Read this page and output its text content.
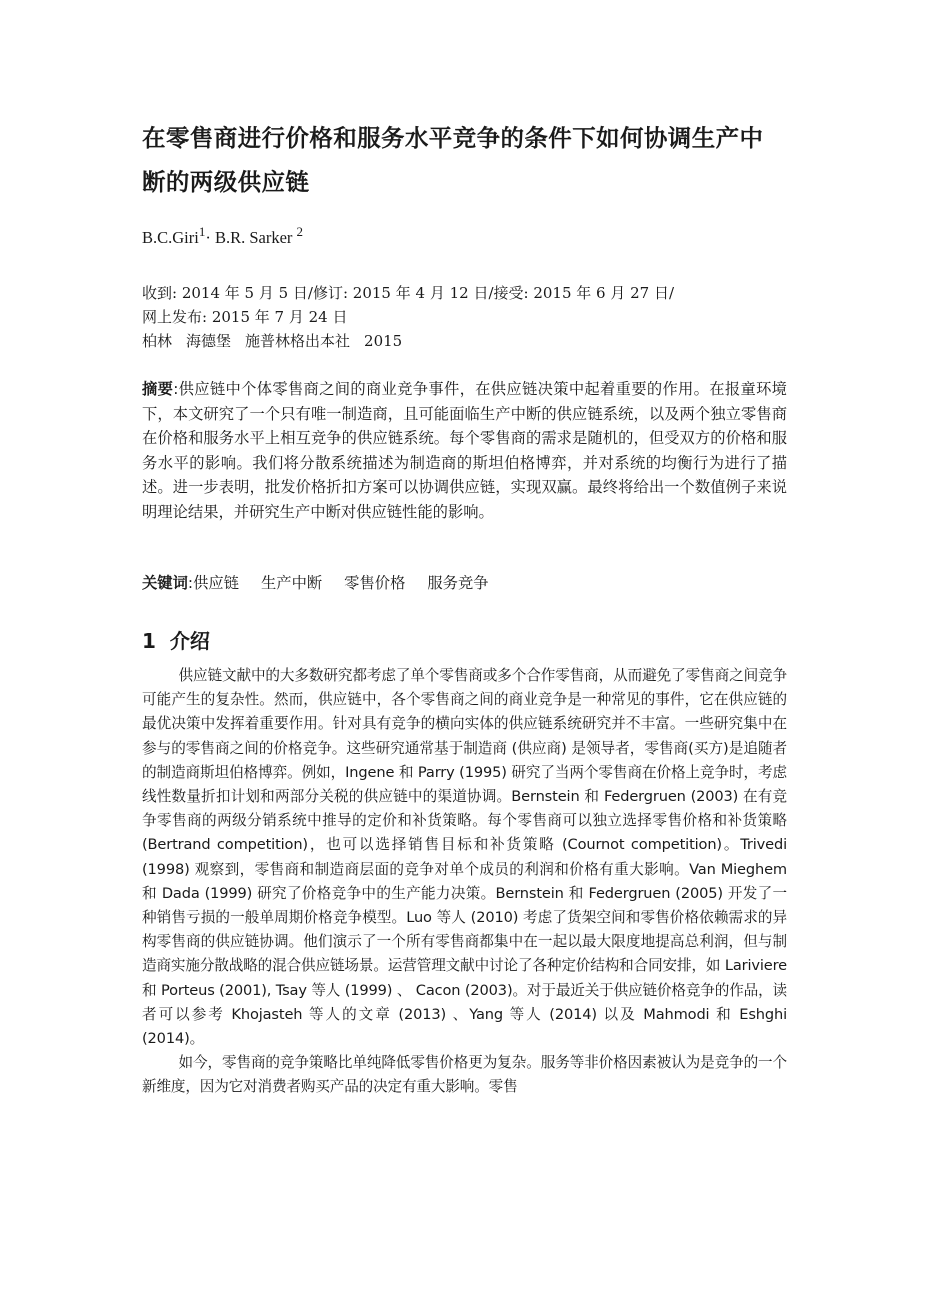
在零售商进行价格和服务水平竞争的条件下如何协调生产中断的两级供应链
B.C.Giri$^1$· B.R. Sarker $^2$
收到: 2014 年 5 月 5 日/修订: 2015 年 4 月 12 日/接受: 2015 年 6 月 27 日/
网上发布: 2015 年 7 月 24 日
柏林 海德堡 施普林格出本社 2015
摘要:供应链中个体零售商之间的商业竞争事件，在供应链决策中起着重要的作用。在报童环境下，本文研究了一个只有唯一制造商，且可能面临生产中断的供应链系统，以及两个独立零售商在价格和服务水平上相互竞争的供应链系统。每个零售商的需求是随机的，但受双方的价格和服务水平的影响。我们将分散系统描述为制造商的斯坦伯格博弈，并对系统的均衡行为进行了描述。进一步表明，批发价格折扣方案可以协调供应链，实现双赢。最终将给出一个数值例子来说明理论结果，并研究生产中断对供应链性能的影响。
关键词:供应链 生产中断 零售价格 服务竞争
1 介绍

供应链文献中的大多数研究都考虑了单个零售商或多个合作零售商，从而避免了零售商之间竞争可能产生的复杂性。然而，供应链中，各个零售商之间的商业竞争是一种常见的事件，它在供应链的最优决策中发挥着重要作用。针对具有竞争的横向实体的供应链系统研究并不丰富。一些研究集中在参与的零售商之间的价格竞争。这些研究通常基于制造商 (供应商) 是领导者，零售商(买方)是追随者的制造商斯坦伯格博弈。例如，Ingene 和 Parry (1995) 研究了当两个零售商在价格上竞争时，考虑线性数量折扣计划和两部分关税的供应链中的渠道协调。Bernstein 和 Federgruen (2003) 在有竞争零售商的两级分销系统中推导的定价和补货策略。每个零售商可以独立选择零售价格和补货策略 (Bertrand competition)，也可以选择销售目标和补货策略 (Cournot competition)。Trivedi (1998) 观察到，零售商和制造商层面的竞争对单个成员的利润和价格有重大影响。Van Mieghem 和 Dada (1999) 研究了价格竞争中的生产能力决策。Bernstein 和 Federgruen (2005) 开发了一种销售亏损的一般单周期价格竞争模型。Luo 等人 (2010) 考虑了货架空间和零售价格依赖需求的异构零售商的供应链协调。他们演示了一个所有零售商都集中在一起以最大限度地提高总利润，但与制造商实施分散战略的混合供应链场景。运营管理文献中讨论了各种定价结构和合同安排，如 Lariviere 和 Porteus (2001), Tsay 等人 (1999) 、 Cacon (2003)。对于最近关于供应链价格竞争的作品，读者可以参考 Khojasteh 等人的文章 (2013) 、Yang 等人 (2014) 以及 Mahmodi 和 Eshghi (2014)。

如今，零售商的竞争策略比单纯降低零售价格更为复杂。服务等非价格因素被认为是竞争的一个新维度，因为它对消费者购买产品的决定有重大影响。零售
